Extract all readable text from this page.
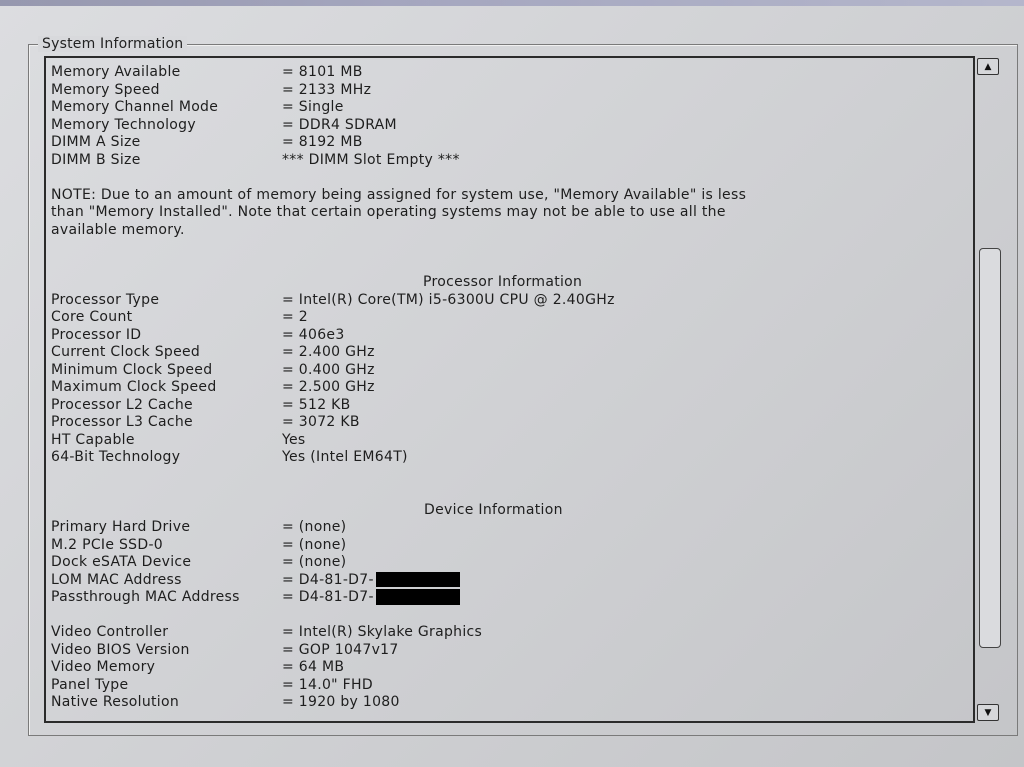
System Information
Memory Available	= 8101 MB
Memory Speed	= 2133 MHz
Memory Channel Mode	= Single
Memory Technology	= DDR4 SDRAM
DIMM A Size	= 8192 MB
DIMM B Size	*** DIMM Slot Empty ***
NOTE: Due to an amount of memory being assigned for system use, "Memory Available" is less
than "Memory Installed". Note that certain operating systems may not be able to use all the
available memory.
Processor Information
Processor Type	= Intel(R) Core(TM) i5-6300U CPU @ 2.40GHz
Core Count	= 2
Processor ID	= 406e3
Current Clock Speed	= 2.400 GHz
Minimum Clock Speed	= 0.400 GHz
Maximum Clock Speed	= 2.500 GHz
Processor L2 Cache	= 512 KB
Processor L3 Cache	= 3072 KB
HT Capable	Yes
64-Bit Technology	Yes (Intel EM64T)
Device Information
Primary Hard Drive	= (none)
M.2 PCIe SSD-0	= (none)
Dock eSATA Device	= (none)
LOM MAC Address	= D4-81-D7-
Passthrough MAC Address	= D4-81-D7-
Video Controller	= Intel(R) Skylake Graphics
Video BIOS Version	= GOP 1047v17
Video Memory	= 64 MB
Panel Type	= 14.0" FHD
Native Resolution	= 1920 by 1080
▲
▼
